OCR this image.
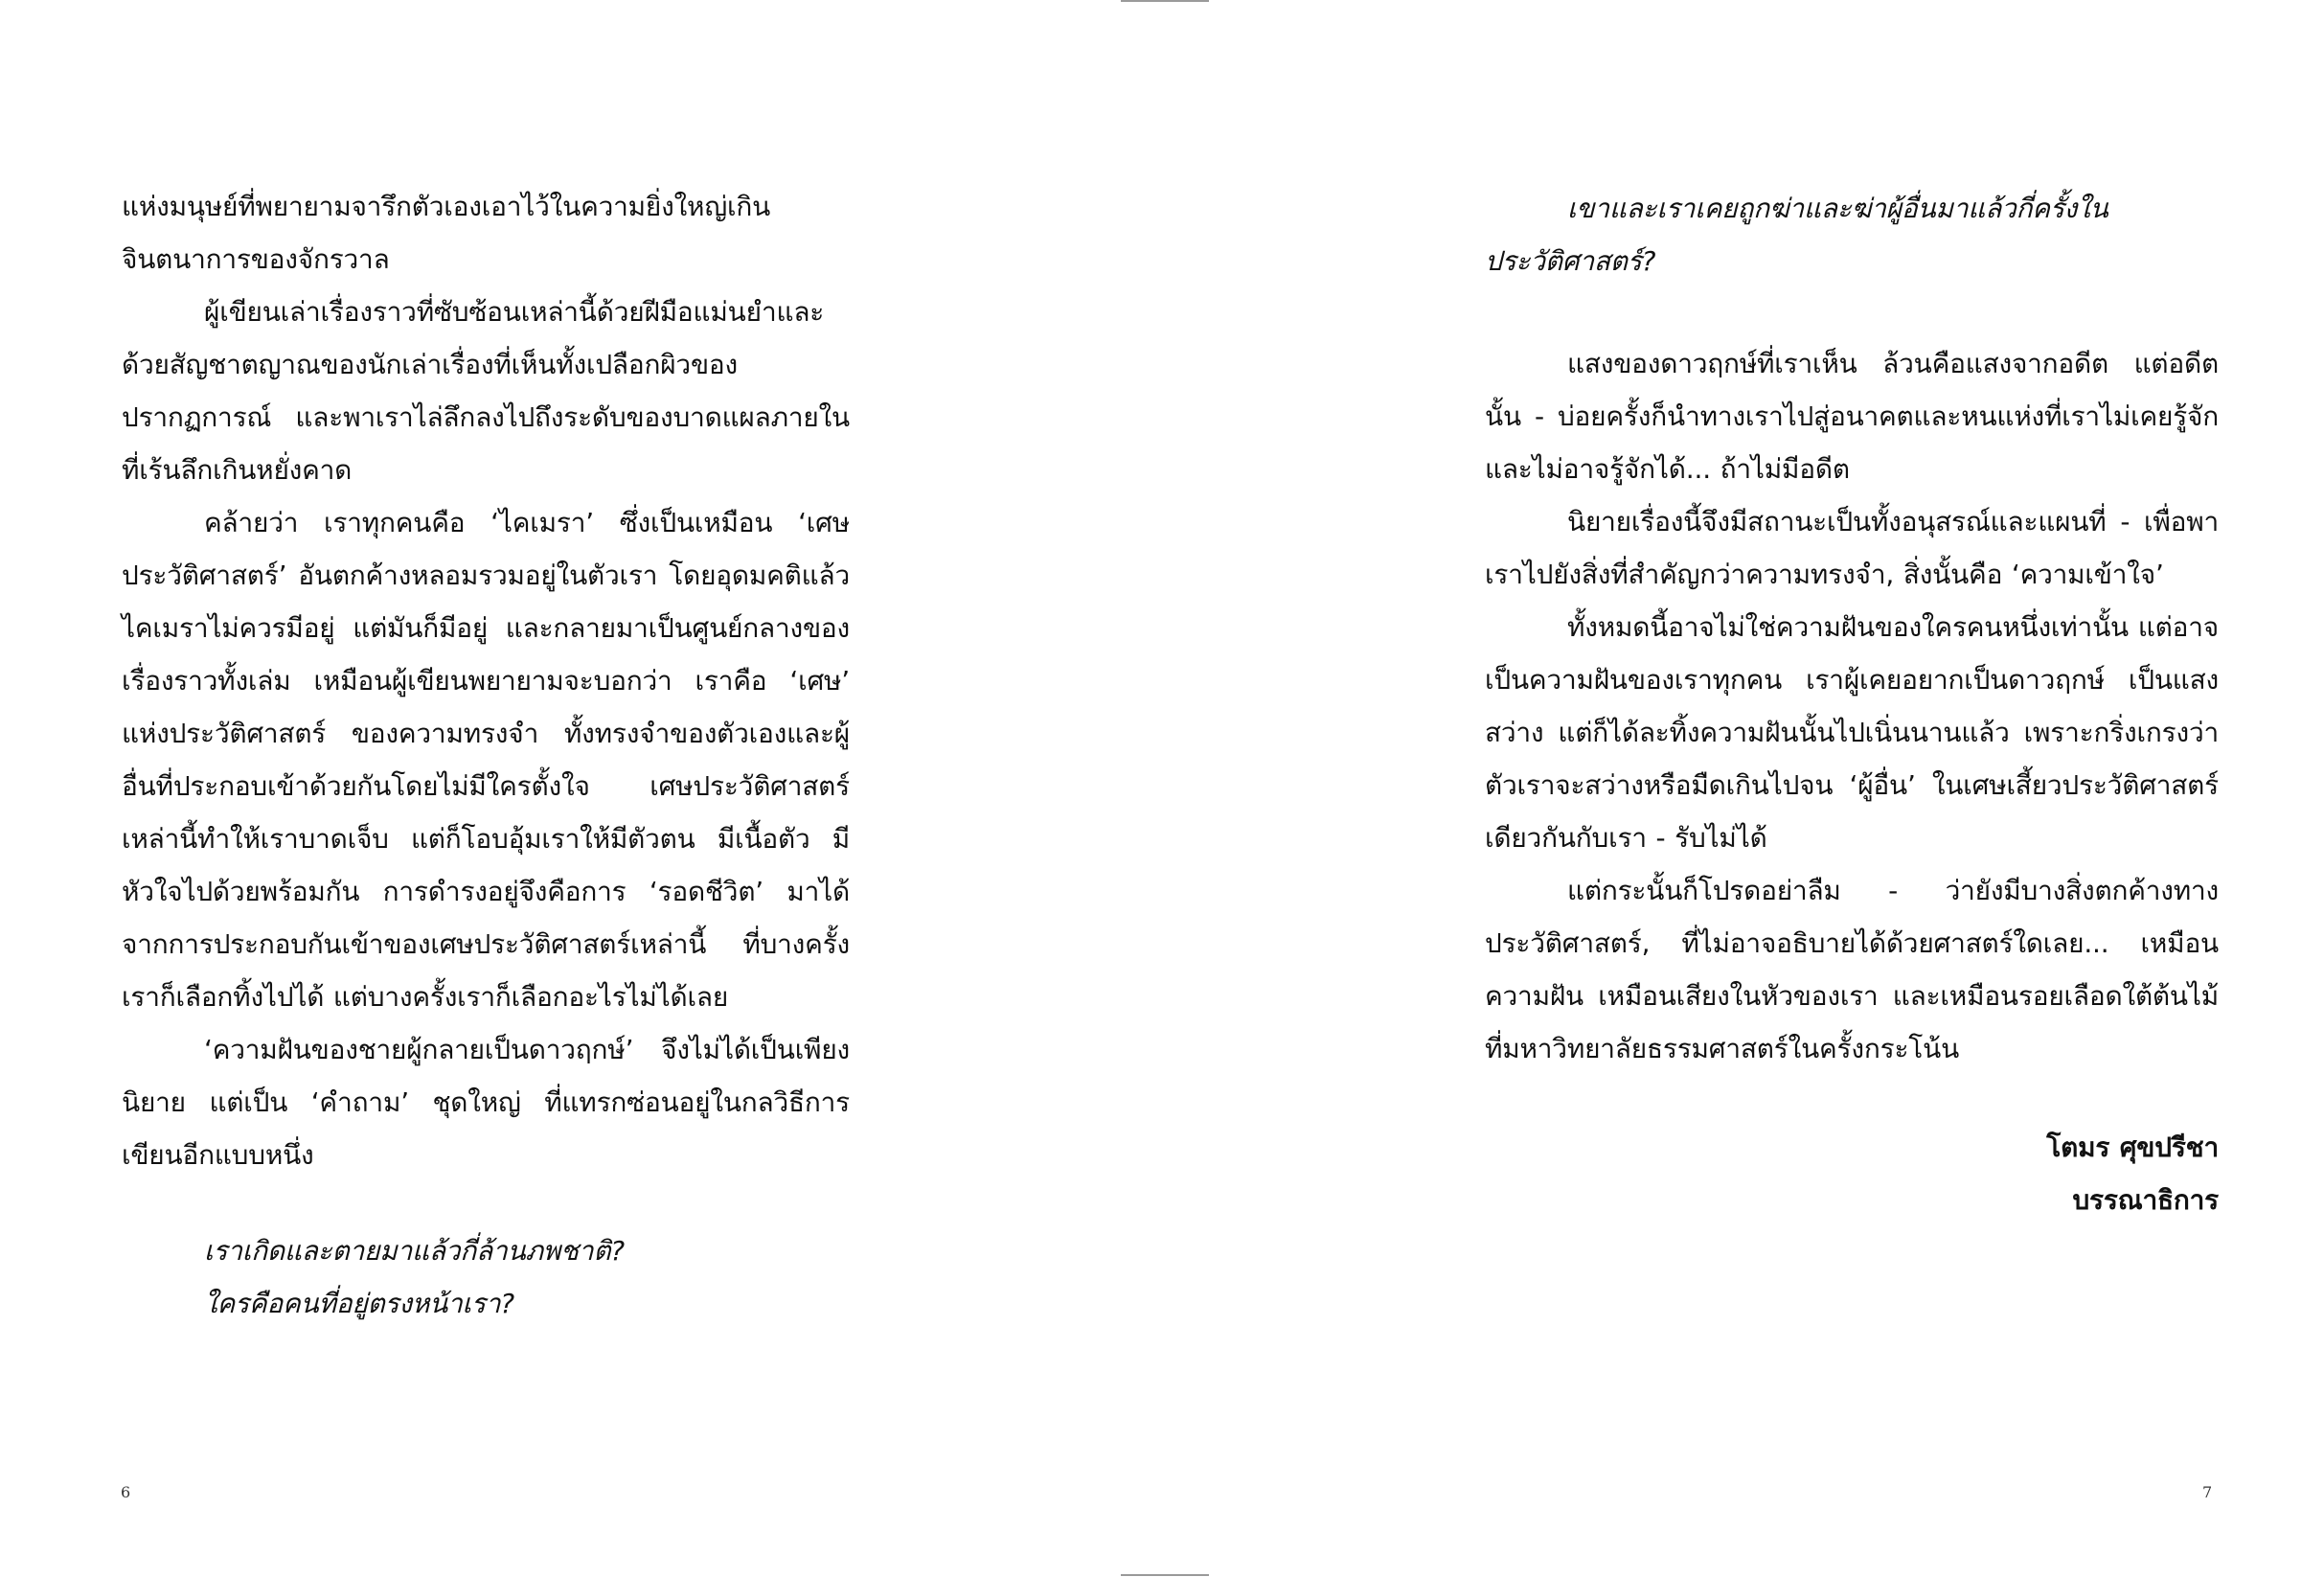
แห่งมนุษย์ที่พยายามจารึกตัวเองเอาไว้ในความยิ่งใหญ่เกินจินตนาการของจักรวาล

ผู้เขียนเล่าเรื่องราวที่ซับซ้อนเหล่านี้ด้วยฝีมือแม่นยำและด้วยสัญชาตญาณของนักเล่าเรื่องที่เห็นทั้งเปลือกผิวของปรากฏการณ์ และพาเราไล่ลึกลงไปถึงระดับของบาดแผลภายในที่เร้นลึกเกินหยั่งคาด

คล้ายว่า เราทุกคนคือ ‘ไคเมรา’ ซึ่งเป็นเหมือน ‘เศษประวัติศาสตร์’ อันตกค้างหลอมรวมอยู่ในตัวเรา โดยอุดมคติแล้ว ไคเมราไม่ควรมีอยู่ แต่มันก็มีอยู่ และกลายมาเป็นศูนย์กลางของเรื่องราวทั้งเล่ม เหมือนผู้เขียนพยายามจะบอกว่า เราคือ ‘เศษ’ แห่งประวัติศาสตร์ ของความทรงจำ ทั้งทรงจำของตัวเองและผู้อื่นที่ประกอบเข้าด้วยกันโดยไม่มีใครตั้งใจ เศษประวัติศาสตร์เหล่านี้ทำให้เราบาดเจ็บ แต่ก็โอบอุ้มเราให้มีตัวตน มีเนื้อตัว มีหัวใจไปด้วยพร้อมกัน การดำรงอยู่จึงคือการ ‘รอดชีวิต’ มาได้จากการประกอบกันเข้าของเศษประวัติศาสตร์เหล่านี้ ที่บางครั้งเราก็เลือกทิ้งไปได้ แต่บางครั้งเราก็เลือกอะไรไม่ได้เลย

‘ความฝันของชายผู้กลายเป็นดาวฤกษ์’ จึงไม่ได้เป็นเพียงนิยาย แต่เป็น ‘คำถาม’ ชุดใหญ่ ที่แทรกซ่อนอยู่ในกลวิธีการเขียนอีกแบบหนึ่ง

เราเกิดและตายมาแล้วกี่ล้านภพชาติ?

ใครคือคนที่อยู่ตรงหน้าเรา?

6

เขาและเราเคยถูกฆ่าและฆ่าผู้อื่นมาแล้วกี่ครั้งในประวัติศาสตร์?

แสงของดาวฤกษ์ที่เราเห็น ล้วนคือแสงจากอดีต แต่อดีตนั้น - บ่อยครั้งก็นำทางเราไปสู่อนาคตและหนแห่งที่เราไม่เคยรู้จักและไม่อาจรู้จักได้... ถ้าไม่มีอดีต

นิยายเรื่องนี้จึงมีสถานะเป็นทั้งอนุสรณ์และแผนที่ - เพื่อพาเราไปยังสิ่งที่สำคัญกว่าความทรงจำ, สิ่งนั้นคือ ‘ความเข้าใจ’

ทั้งหมดนี้อาจไม่ใช่ความฝันของใครคนหนึ่งเท่านั้น แต่อาจเป็นความฝันของเราทุกคน เราผู้เคยอยากเป็นดาวฤกษ์ เป็นแสงสว่าง แต่ก็ได้ละทิ้งความฝันนั้นไปเนิ่นนานแล้ว เพราะกริ่งเกรงว่าตัวเราจะสว่างหรือมืดเกินไปจน ‘ผู้อื่น’ ในเศษเสี้ยวประวัติศาสตร์เดียวกันกับเรา - รับไม่ได้

แต่กระนั้นก็โปรดอย่าลืม - ว่ายังมีบางสิ่งตกค้างทางประวัติศาสตร์, ที่ไม่อาจอธิบายได้ด้วยศาสตร์ใดเลย... เหมือนความฝัน เหมือนเสียงในหัวของเรา และเหมือนรอยเลือดใต้ต้นไม้ที่มหาวิทยาลัยธรรมศาสตร์ในครั้งกระโน้น

โตมร ศุขปรีชา
บรรณาธิการ
7
